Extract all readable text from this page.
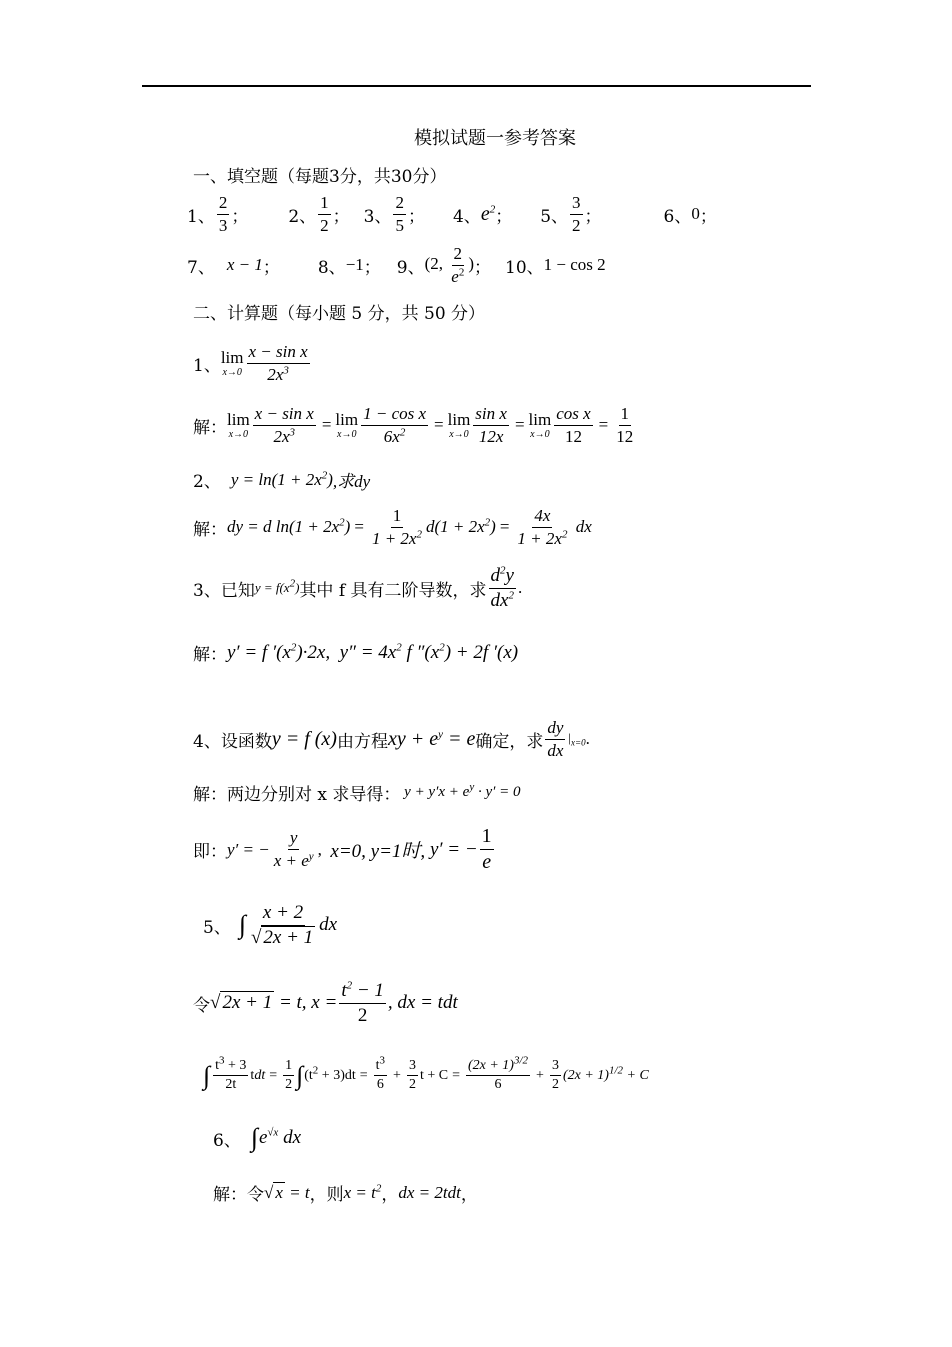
模拟试题一参考答案
一、填空题（每题3分，共30分）
1、 $\frac{2}{3}$ ； 2、 $\frac{1}{2}$ ； 3、 $\frac{2}{5}$ ； 4、 $e^2$ ； 5、 $\frac{3}{2}$ ；	6、 0 ；
7、 x − 1 ； 8、 −1 ； 9、 (2, $\frac{2}{e^2}$ ) ； 10、 1 − cos 2
二、计算题（每小题 5 分，共 50 分）
1、 lim
$x\to 0 \frac{\text{x − sin x}}{2x^3}$
解： lim
$x\to 0 \frac{\text{x − sin x}}{2x^3} = \lim$
$x\to 0 \frac{\text{1 − cos x}}{6x^2} = \lim$
$x\to 0 \frac{\text{sin x}}{12x} = \lim$
$x\to 0 \frac{\text{cos x}}{12} = \frac{1}{12}$
2、 $y = \ln(1 + 2x^2)$ ,求dy
解： dy = d $\ln(1 + 2x^2) = \frac{1}{1 + 2x^2} d(1 + 2x^2) = \frac{4x}{1 + 2x^2}$ dx
3、已知 $y = f(x^2)$ 其中 f 具有二阶导数，求 $\frac{d^2y}{dx^2}$ .
解： y′ = f $'(x^2)\cdot 2x$,  $y'' = 4x^2$ f $''(x^2) + 2f$ ′(x)
4、设函数 y = f (x) 由方程 xy + $e^y = e$ 确定，求 $\frac{dy}{dx} |_{x=0}$ .
解：两边分别对 x 求导得： $y + y'x + e^y \cdot y' = 0$
即： y′ = − $\frac{y}{x + e^y}$ , x=0, y=1时, y′ = − $\frac{1}{e}$
5、 ∫ $\frac{x + 2}{√ 2x + 1}$ dx
令 √ 2x + 1 = t, $x = \frac{t^2 - 1}{2}$ , dx = tdt
∫ $\frac{t^3 + 3}{2t}$ tdt = $\frac{1}{2}$ ∫ $(t^2 + 3)dt = \frac{t^3}{6} + \frac{3}{2}$ $t + C = \frac{(2x + 1)^{3/2}}{6} + \frac{3}{2} (2x + 1)^{1/2} + C$
6、 ∫ $e^{√x}$ dx
解：令 √ x = t ，则 $x = t^2$ ， dx = 2tdt ，
